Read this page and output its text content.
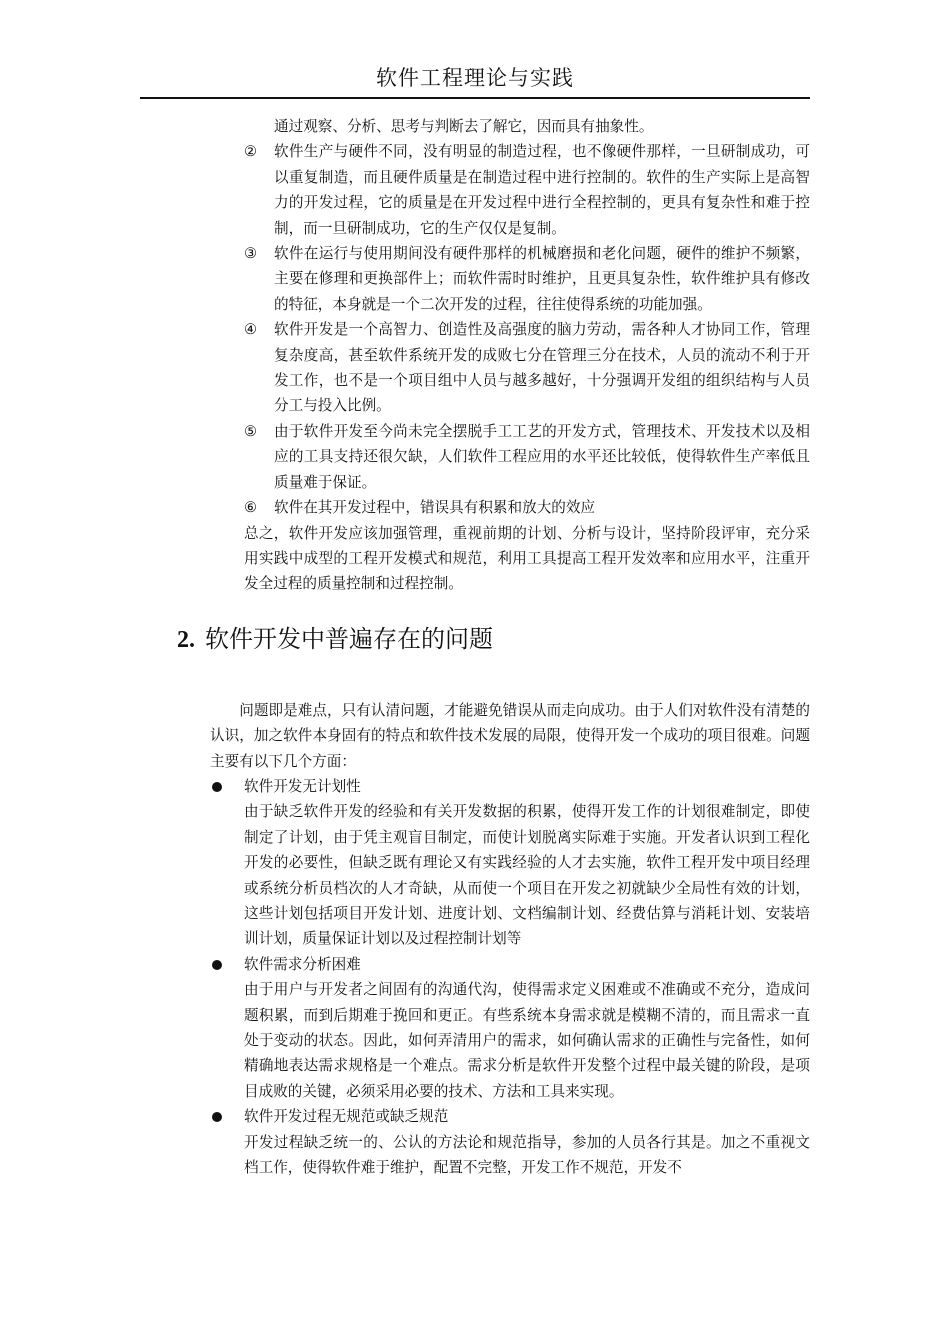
软件工程理论与实践

通过观察、分析、思考与判断去了解它，因而具有抽象性。

②	软件生产与硬件不同，没有明显的制造过程，也不像硬件那样，一旦研制成功，可以重复制造，而且硬件质量是在制造过程中进行控制的。软件的生产实际上是高智力的开发过程，它的质量是在开发过程中进行全程控制的，更具有复杂性和难于控制，而一旦研制成功，它的生产仅仅是复制。
③	软件在运行与使用期间没有硬件那样的机械磨损和老化问题，硬件的维护不频繁，主要在修理和更换部件上；而软件需时时维护，且更具复杂性，软件维护具有修改的特征，本身就是一个二次开发的过程，往往使得系统的功能加强。
④	软件开发是一个高智力、创造性及高强度的脑力劳动，需各种人才协同工作，管理复杂度高，甚至软件系统开发的成败七分在管理三分在技术，人员的流动不利于开发工作，也不是一个项目组中人员与越多越好，十分强调开发组的组织结构与人员分工与投入比例。
⑤	由于软件开发至今尚未完全摆脱手工工艺的开发方式，管理技术、开发技术以及相应的工具支持还很欠缺，人们软件工程应用的水平还比较低，使得软件生产率低且质量难于保证。
⑥	软件在其开发过程中，错误具有积累和放大的效应

总之，软件开发应该加强管理，重视前期的计划、分析与设计，坚持阶段评审，充分采用实践中成型的工程开发模式和规范，利用工具提高工程开发效率和应用水平，注重开发全过程的质量控制和过程控制。

2. 软件开发中普遍存在的问题

问题即是难点，只有认清问题，才能避免错误从而走向成功。由于人们对软件没有清楚的认识，加之软件本身固有的特点和软件技术发展的局限，使得开发一个成功的项目很难。问题主要有以下几个方面：

软件开发无计划性

由于缺乏软件开发的经验和有关开发数据的积累，使得开发工作的计划很难制定，即使制定了计划，由于凭主观盲目制定，而使计划脱离实际难于实施。开发者认识到工程化开发的必要性，但缺乏既有理论又有实践经验的人才去实施，软件工程开发中项目经理或系统分析员档次的人才奇缺，从而使一个项目在开发之初就缺少全局性有效的计划，这些计划包括项目开发计划、进度计划、文档编制计划、经费估算与消耗计划、安装培训计划，质量保证计划以及过程控制计划等

软件需求分析困难

由于用户与开发者之间固有的沟通代沟，使得需求定义困难或不准确或不充分，造成问题积累，而到后期难于挽回和更正。有些系统本身需求就是模糊不清的，而且需求一直处于变动的状态。因此，如何弄清用户的需求，如何确认需求的正确性与完备性，如何精确地表达需求规格是一个难点。需求分析是软件开发整个过程中最关键的阶段，是项目成败的关键，必须采用必要的技术、方法和工具来实现。

软件开发过程无规范或缺乏规范

开发过程缺乏统一的、公认的方法论和规范指导，参加的人员各行其是。加之不重视文档工作，使得软件难于维护，配置不完整，开发工作不规范，开发不
